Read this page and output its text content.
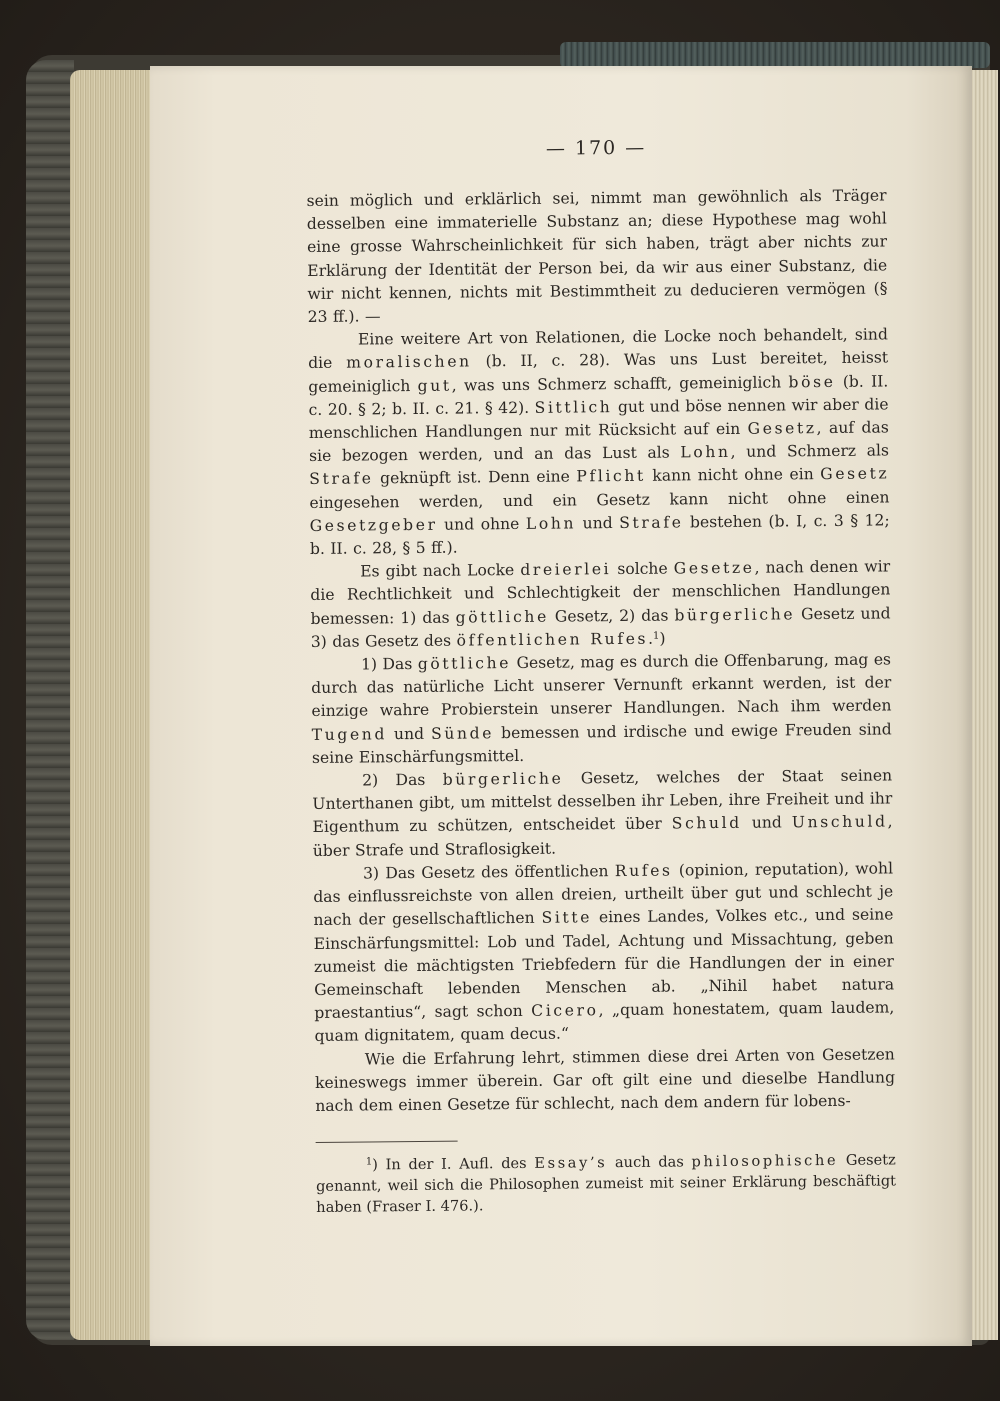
— 170 —

sein möglich und erklärlich sei, nimmt man gewöhnlich als Träger desselben eine immaterielle Substanz an; diese Hypothese mag wohl eine grosse Wahrscheinlichkeit für sich haben, trägt aber nichts zur Erklärung der Identität der Person bei, da wir aus einer Substanz, die wir nicht kennen, nichts mit Bestimmtheit zu deducieren vermögen (§ 23 ff.). —

Eine weitere Art von Relationen, die Locke noch behandelt, sind die moralischen (b. II, c. 28). Was uns Lust bereitet, heisst gemeiniglich gut, was uns Schmerz schafft, gemeiniglich böse (b. II. c. 20. § 2; b. II. c. 21. § 42). Sittlich gut und böse nennen wir aber die menschlichen Handlungen nur mit Rücksicht auf ein Gesetz, auf das sie bezogen werden, und an das Lust als Lohn, und Schmerz als Strafe geknüpft ist. Denn eine Pflicht kann nicht ohne ein Gesetz eingesehen werden, und ein Gesetz kann nicht ohne einen Gesetzgeber und ohne Lohn und Strafe bestehen (b. I, c. 3 § 12; b. II. c. 28, § 5 ff.).

Es gibt nach Locke dreierlei solche Gesetze, nach denen wir die Rechtlichkeit und Schlechtigkeit der menschlichen Handlungen bemessen: 1) das göttliche Gesetz, 2) das bürgerliche Gesetz und 3) das Gesetz des öffentlichen Rufes.$^1$)

1) Das göttliche Gesetz, mag es durch die Offenbarung, mag es durch das natürliche Licht unserer Vernunft erkannt werden, ist der einzige wahre Probierstein unserer Handlungen. Nach ihm werden Tugend und Sünde bemessen und irdische und ewige Freuden sind seine Einschärfungsmittel.

2) Das bürgerliche Gesetz, welches der Staat seinen Unterthanen gibt, um mittelst desselben ihr Leben, ihre Freiheit und ihr Eigenthum zu schützen, entscheidet über Schuld und Unschuld, über Strafe und Straflosigkeit.

3) Das Gesetz des öffentlichen Rufes (opinion, reputation), wohl das einflussreichste von allen dreien, urtheilt über gut und schlecht je nach der gesellschaftlichen Sitte eines Landes, Volkes etc., und seine Einschärfungsmittel: Lob und Tadel, Achtung und Missachtung, geben zumeist die mächtigsten Triebfedern für die Handlungen der in einer Gemeinschaft lebenden Menschen ab. „Nihil habet natura praestantius“, sagt schon Cicero, „quam honestatem, quam laudem, quam dignitatem, quam decus.“

Wie die Erfahrung lehrt, stimmen diese drei Arten von Gesetzen keineswegs immer überein. Gar oft gilt eine und dieselbe Handlung nach dem einen Gesetze für schlecht, nach dem andern für lobens-

$^1$) In der I. Aufl. des Essay’s auch das philosophische Gesetz genannt, weil sich die Philosophen zumeist mit seiner Erklärung beschäftigt haben (Fraser I. 476.).
